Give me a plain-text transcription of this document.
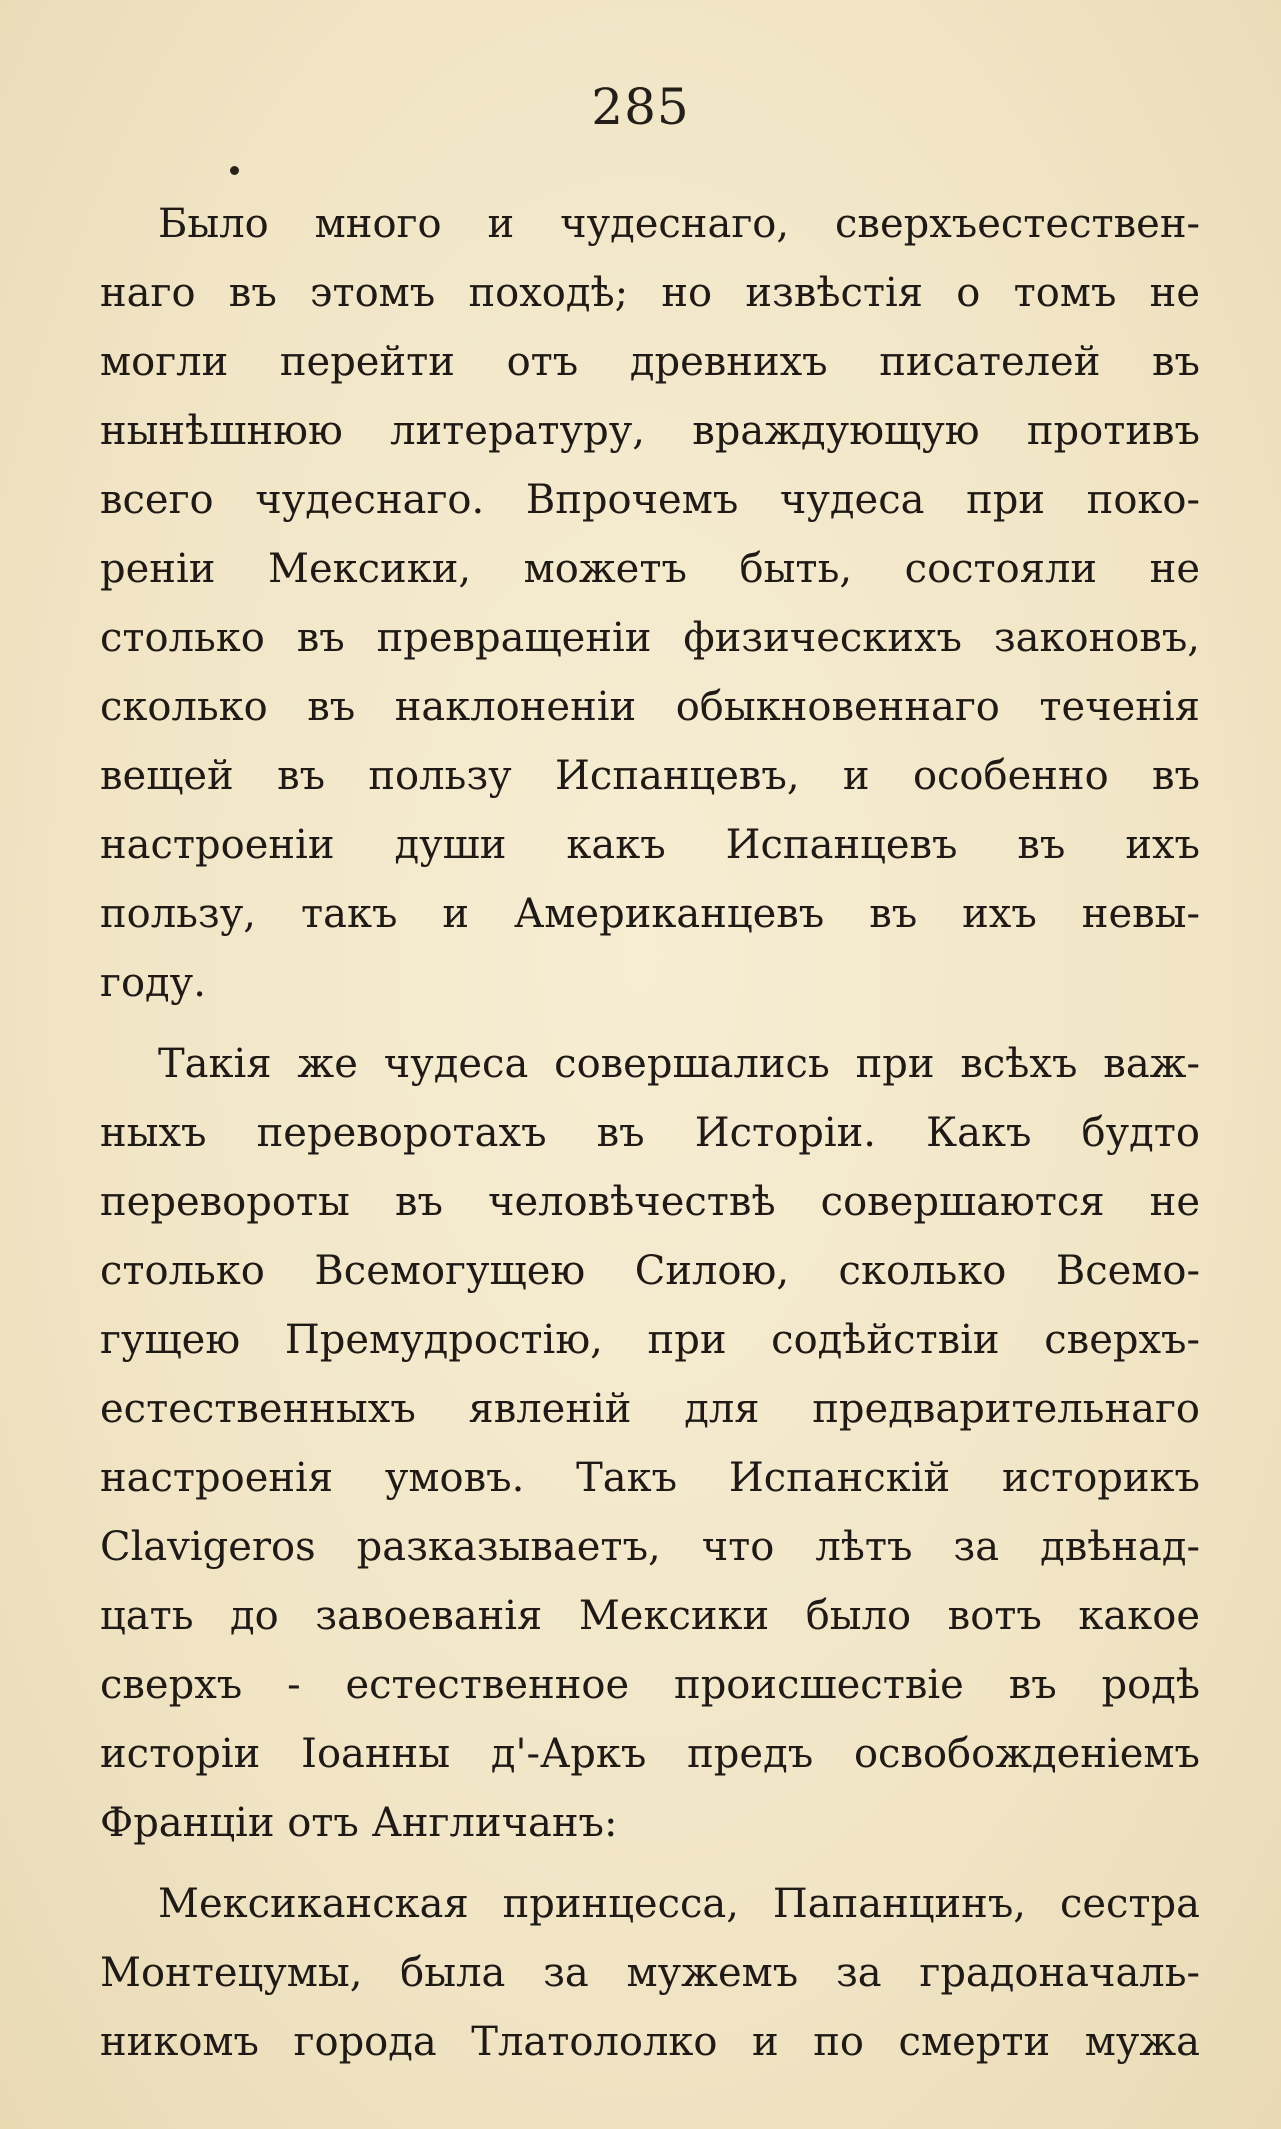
285
Было много и чудеснаго, сверхъестествен-
наго въ этомъ походѣ; но извѣстія о томъ не
могли перейти отъ древнихъ писателей въ
нынѣшнюю литературу, враждующую противъ
всего чудеснаго. Впрочемъ чудеса при поко-
реніи Мексики, можетъ быть, состояли не
столько въ превращеніи физическихъ законовъ,
сколько въ наклоненіи обыкновеннаго теченія
вещей въ пользу Испанцевъ, и особенно въ
настроеніи души какъ Испанцевъ въ ихъ
пользу, такъ и Американцевъ въ ихъ невы-
году.
Такія же чудеса совершались при всѣхъ важ-
ныхъ переворотахъ въ Исторіи. Какъ будто
перевороты въ человѣчествѣ совершаются не
столько Всемогущею Силою, сколько Всемо-
гущею Премудростію, при содѣйствіи сверхъ-
естественныхъ явленій для предварительнаго
настроенія умовъ. Такъ Испанскій историкъ
Clavigeros разказываетъ, что лѣтъ за двѣнад-
цать до завоеванія Мексики было вотъ какое
сверхъ - естественное происшествіе въ родѣ
исторіи Іоанны д'-Аркъ предъ освобожденіемъ
Франціи отъ Англичанъ:
Мексиканская принцесса, Папанцинъ, сестра
Монтецумы, была за мужемъ за градоначаль-
никомъ города Тлатололко и по смерти мужа
